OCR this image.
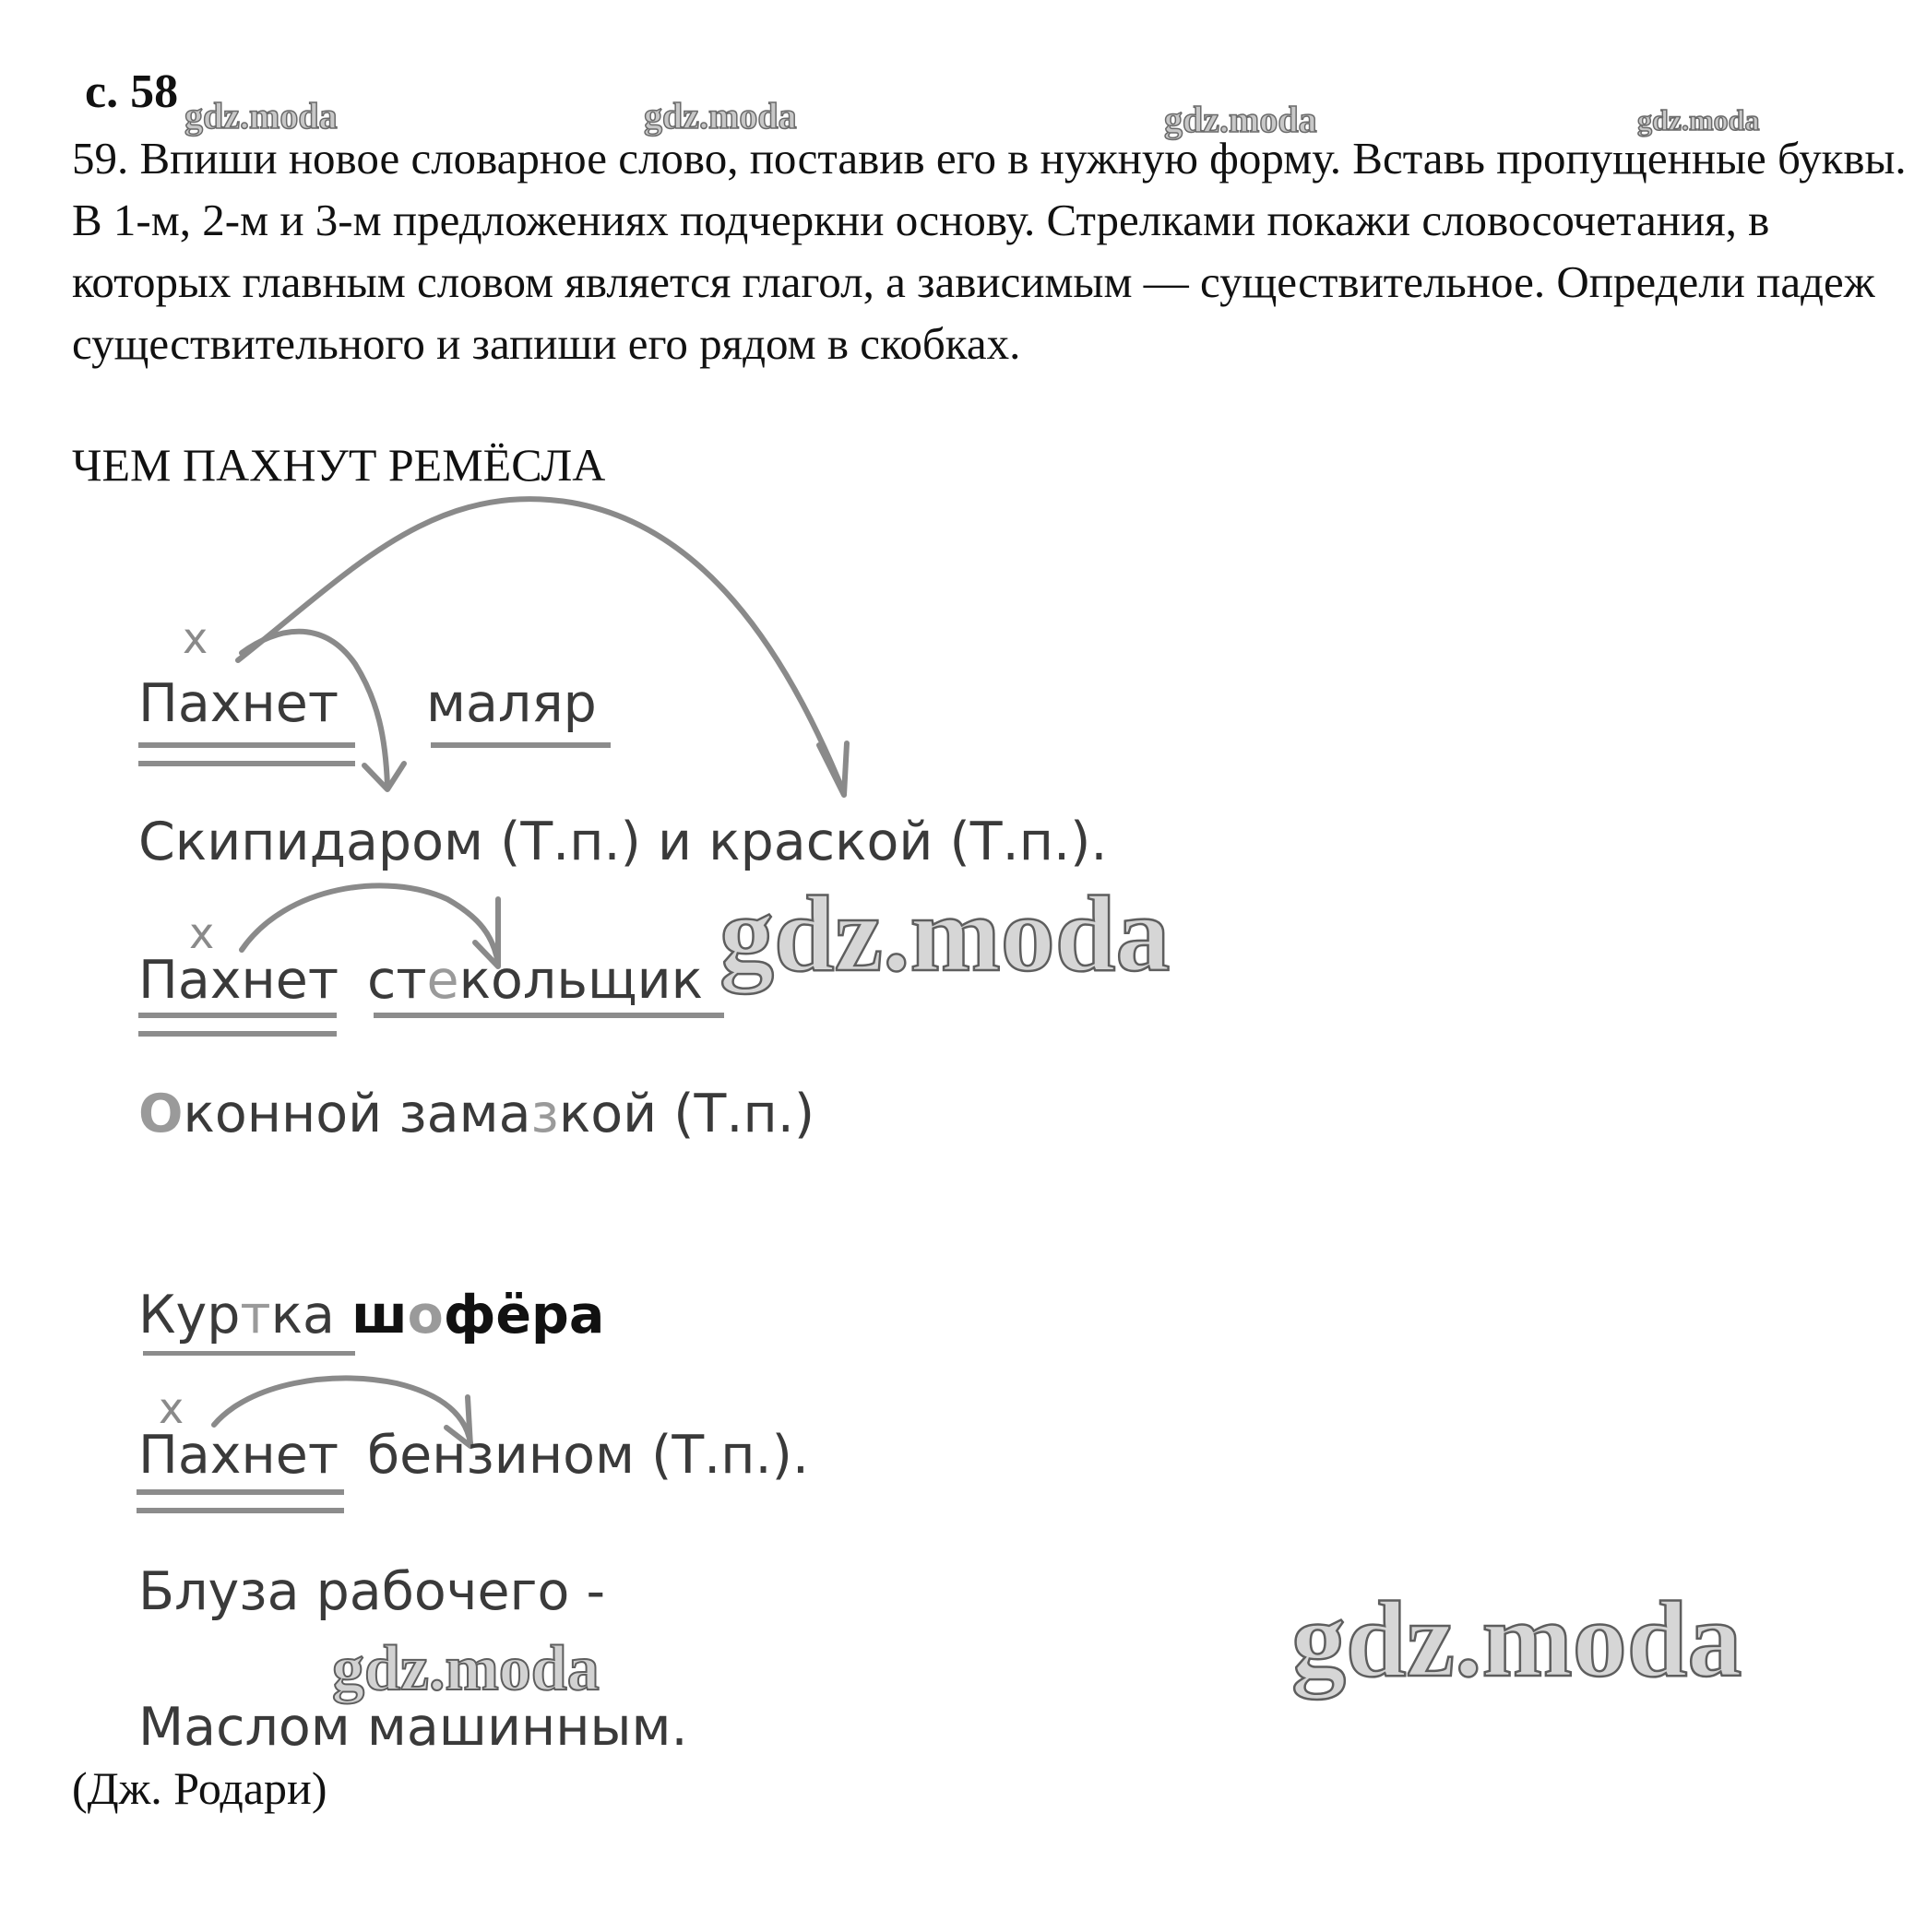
с. 58
59. Впиши новое словарное слово, поставив его в нужную форму. Вставь пропущенные буквы. В 1-м, 2-м и 3-м предложениях подчеркни основу. Стрелками покажи словосочетания, в которых главным словом является глагол, а зависимым — существительное. Определи падеж существительного и запиши его рядом в скобках.
ЧЕМ ПАХНУТ РЕМЁСЛА
х
Пахнет маляр
Скипидаром (Т.п.) и краской (Т.п.).
х
Пахнет стекольщик
Оконной замазкой (Т.п.)
Куртка шофёра
х
Пахнет бензином (Т.п.).
Блуза рабочего -
Маслом машинным.
(Дж. Родари)
gdz.moda	gdz.moda	gdz.moda	gdz.moda
gdz.moda
gdz.moda	gdz.moda
